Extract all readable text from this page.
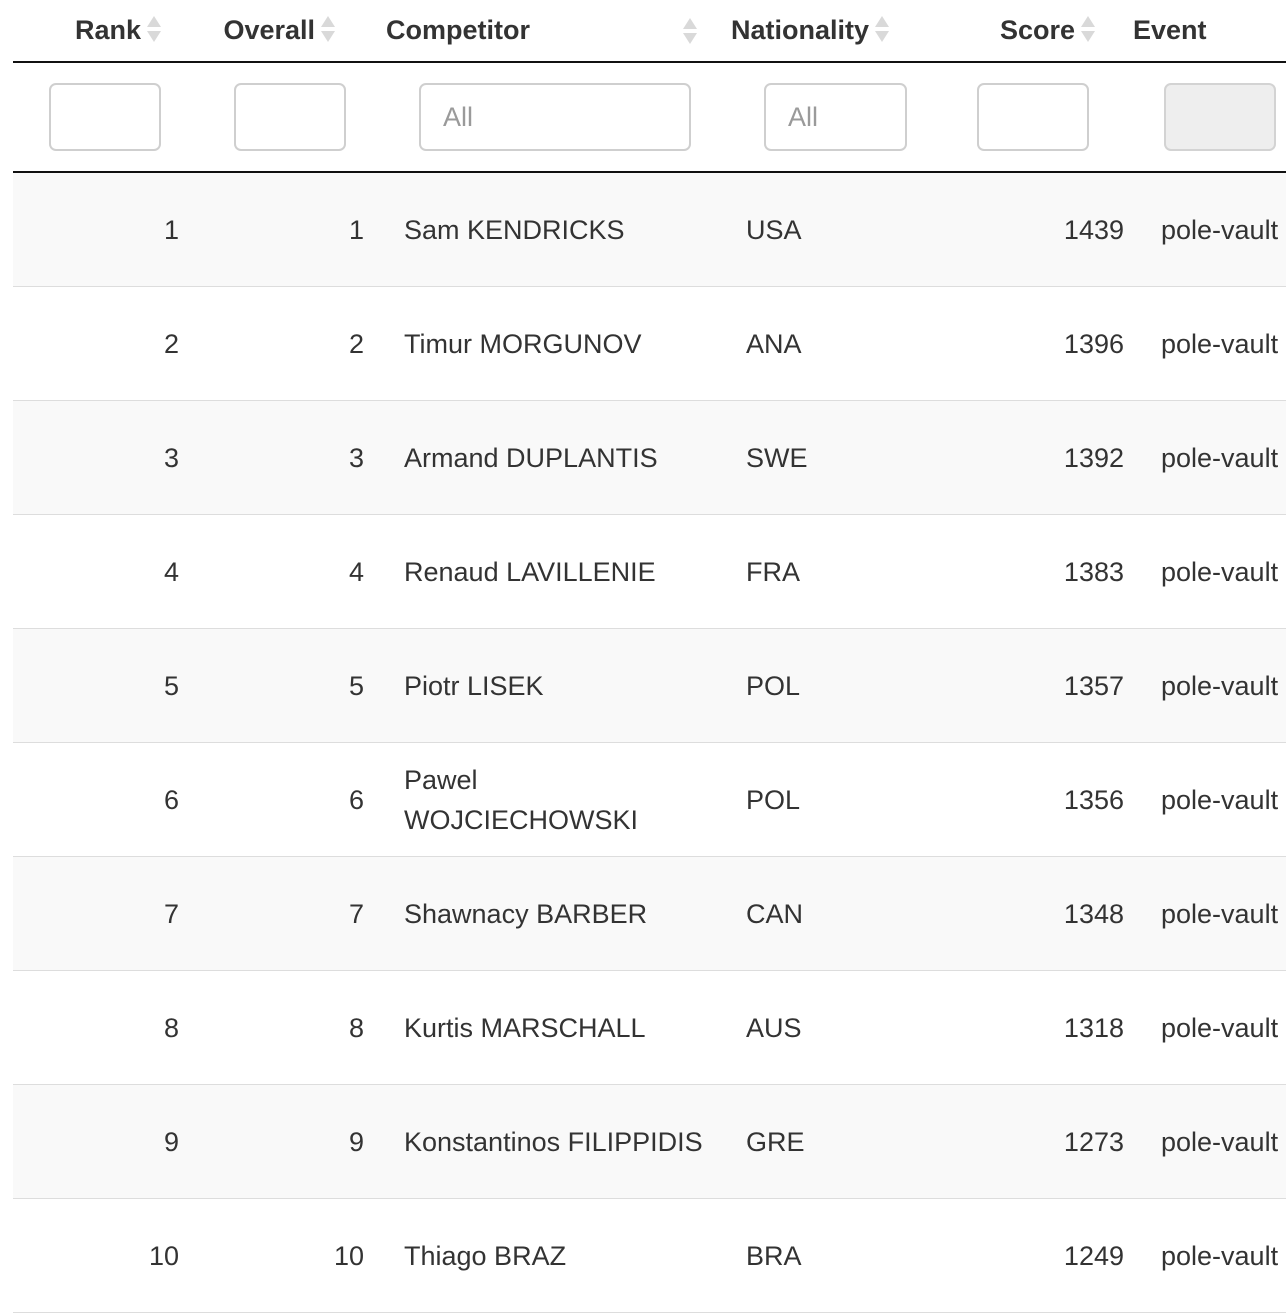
Rank	Overall	Competitor	Nationality	Score	Event

All	
All	

1	1	Sam KENDRICKS	USA	1439	pole-vault
2	2	Timur MORGUNOV	ANA	1396	pole-vault
3	3	Armand DUPLANTIS	SWE	1392	pole-vault
4	4	Renaud LAVILLENIE	FRA	1383	pole-vault
5	5	Piotr LISEK	POL	1357	pole-vault
6	6	Pawel WOJCIECHOWSKI	POL	1356	pole-vault
7	7	Shawnacy BARBER	CAN	1348	pole-vault
8	8	Kurtis MARSCHALL	AUS	1318	pole-vault
9	9	Konstantinos FILIPPIDIS	GRE	1273	pole-vault
10	10	Thiago BRAZ	BRA	1249	pole-vault
